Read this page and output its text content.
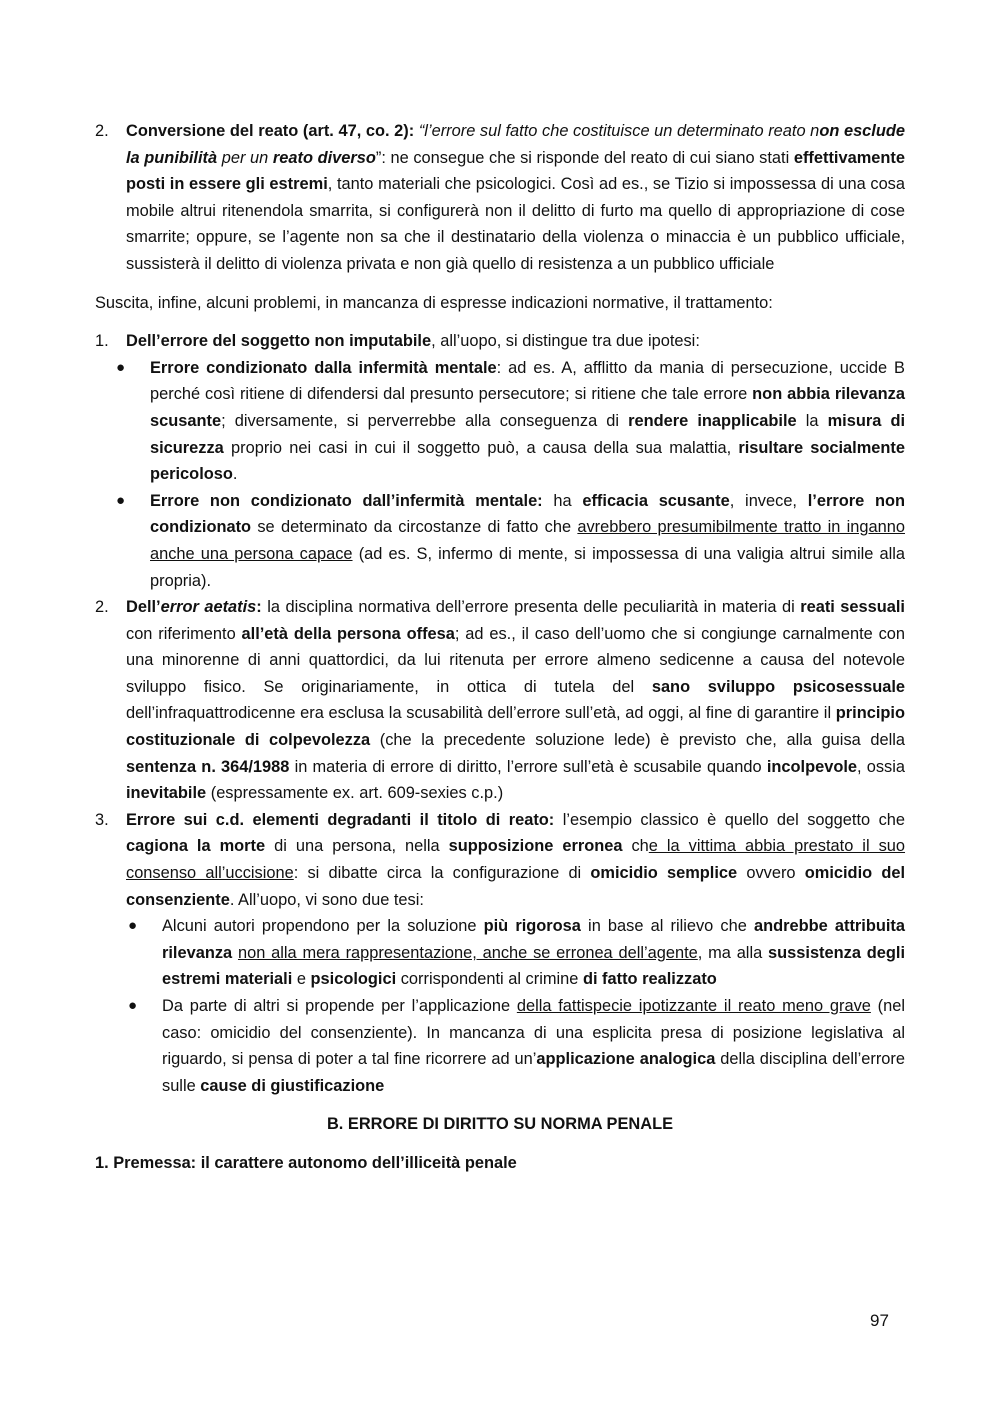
2. Conversione del reato (art. 47, co. 2): “l’errore sul fatto che costituisce un determinato reato non esclude la punibilità per un reato diverso”: ne consegue che si risponde del reato di cui siano stati effettivamente posti in essere gli estremi, tanto materiali che psicologici. Così ad es., se Tizio si impossessa di una cosa mobile altrui ritenendola smarrita, si configurerà non il delitto di furto ma quello di appropriazione di cose smarrite; oppure, se l’agente non sa che il destinatario della violenza o minaccia è un pubblico ufficiale, sussisterà il delitto di violenza privata e non già quello di resistenza a un pubblico ufficiale

Suscita, infine, alcuni problemi, in mancanza di espresse indicazioni normative, il trattamento:

1. Dell’errore del soggetto non imputabile, all’uopo, si distingue tra due ipotesi:

● Errore condizionato dalla infermità mentale: ad es. A, afflitto da mania di persecuzione, uccide B perché così ritiene di difendersi dal presunto persecutore; si ritiene che tale errore non abbia rilevanza scusante; diversamente, si perverrebbe alla conseguenza di rendere inapplicabile la misura di sicurezza proprio nei casi in cui il soggetto può, a causa della sua malattia, risultare socialmente pericoloso.

● Errore non condizionato dall’infermità mentale: ha efficacia scusante, invece, l’errore non condizionato se determinato da circostanze di fatto che avrebbero presumibilmente tratto in inganno anche una persona capace (ad es. S, infermo di mente, si impossessa di una valigia altrui simile alla propria).

2. Dell’error aetatis: la disciplina normativa dell’errore presenta delle peculiarità in materia di reati sessuali con riferimento all’età della persona offesa; ad es., il caso dell’uomo che si congiunge carnalmente con una minorenne di anni quattordici, da lui ritenuta per errore almeno sedicenne a causa del notevole sviluppo fisico. Se originariamente, in ottica di tutela del sano sviluppo psicosessuale dell’infraquattrodicenne era esclusa la scusabilità dell’errore sull’età, ad oggi, al fine di garantire il principio costituzionale di colpevolezza (che la precedente soluzione lede) è previsto che, alla guisa della sentenza n. 364/1988 in materia di errore di diritto, l’errore sull’età è scusabile quando incolpevole, ossia inevitabile (espressamente ex. art. 609-sexies c.p.)

3. Errore sui c.d. elementi degradanti il titolo di reato: l’esempio classico è quello del soggetto che cagiona la morte di una persona, nella supposizione erronea che la vittima abbia prestato il suo consenso all’uccisione: si dibatte circa la configurazione di omicidio semplice ovvero omicidio del consenziente. All’uopo, vi sono due tesi:

● Alcuni autori propendono per la soluzione più rigorosa in base al rilievo che andrebbe attribuita rilevanza non alla mera rappresentazione, anche se erronea dell’agente, ma alla sussistenza degli estremi materiali e psicologici corrispondenti al crimine di fatto realizzato

● Da parte di altri si propende per l’applicazione della fattispecie ipotizzante il reato meno grave (nel caso: omicidio del consenziente). In mancanza di una esplicita presa di posizione legislativa al riguardo, si pensa di poter a tal fine ricorrere ad un’applicazione analogica della disciplina dell’errore sulle cause di giustificazione

B. ERRORE DI DIRITTO SU NORMA PENALE

1. Premessa: il carattere autonomo dell’illiceità penale

97
